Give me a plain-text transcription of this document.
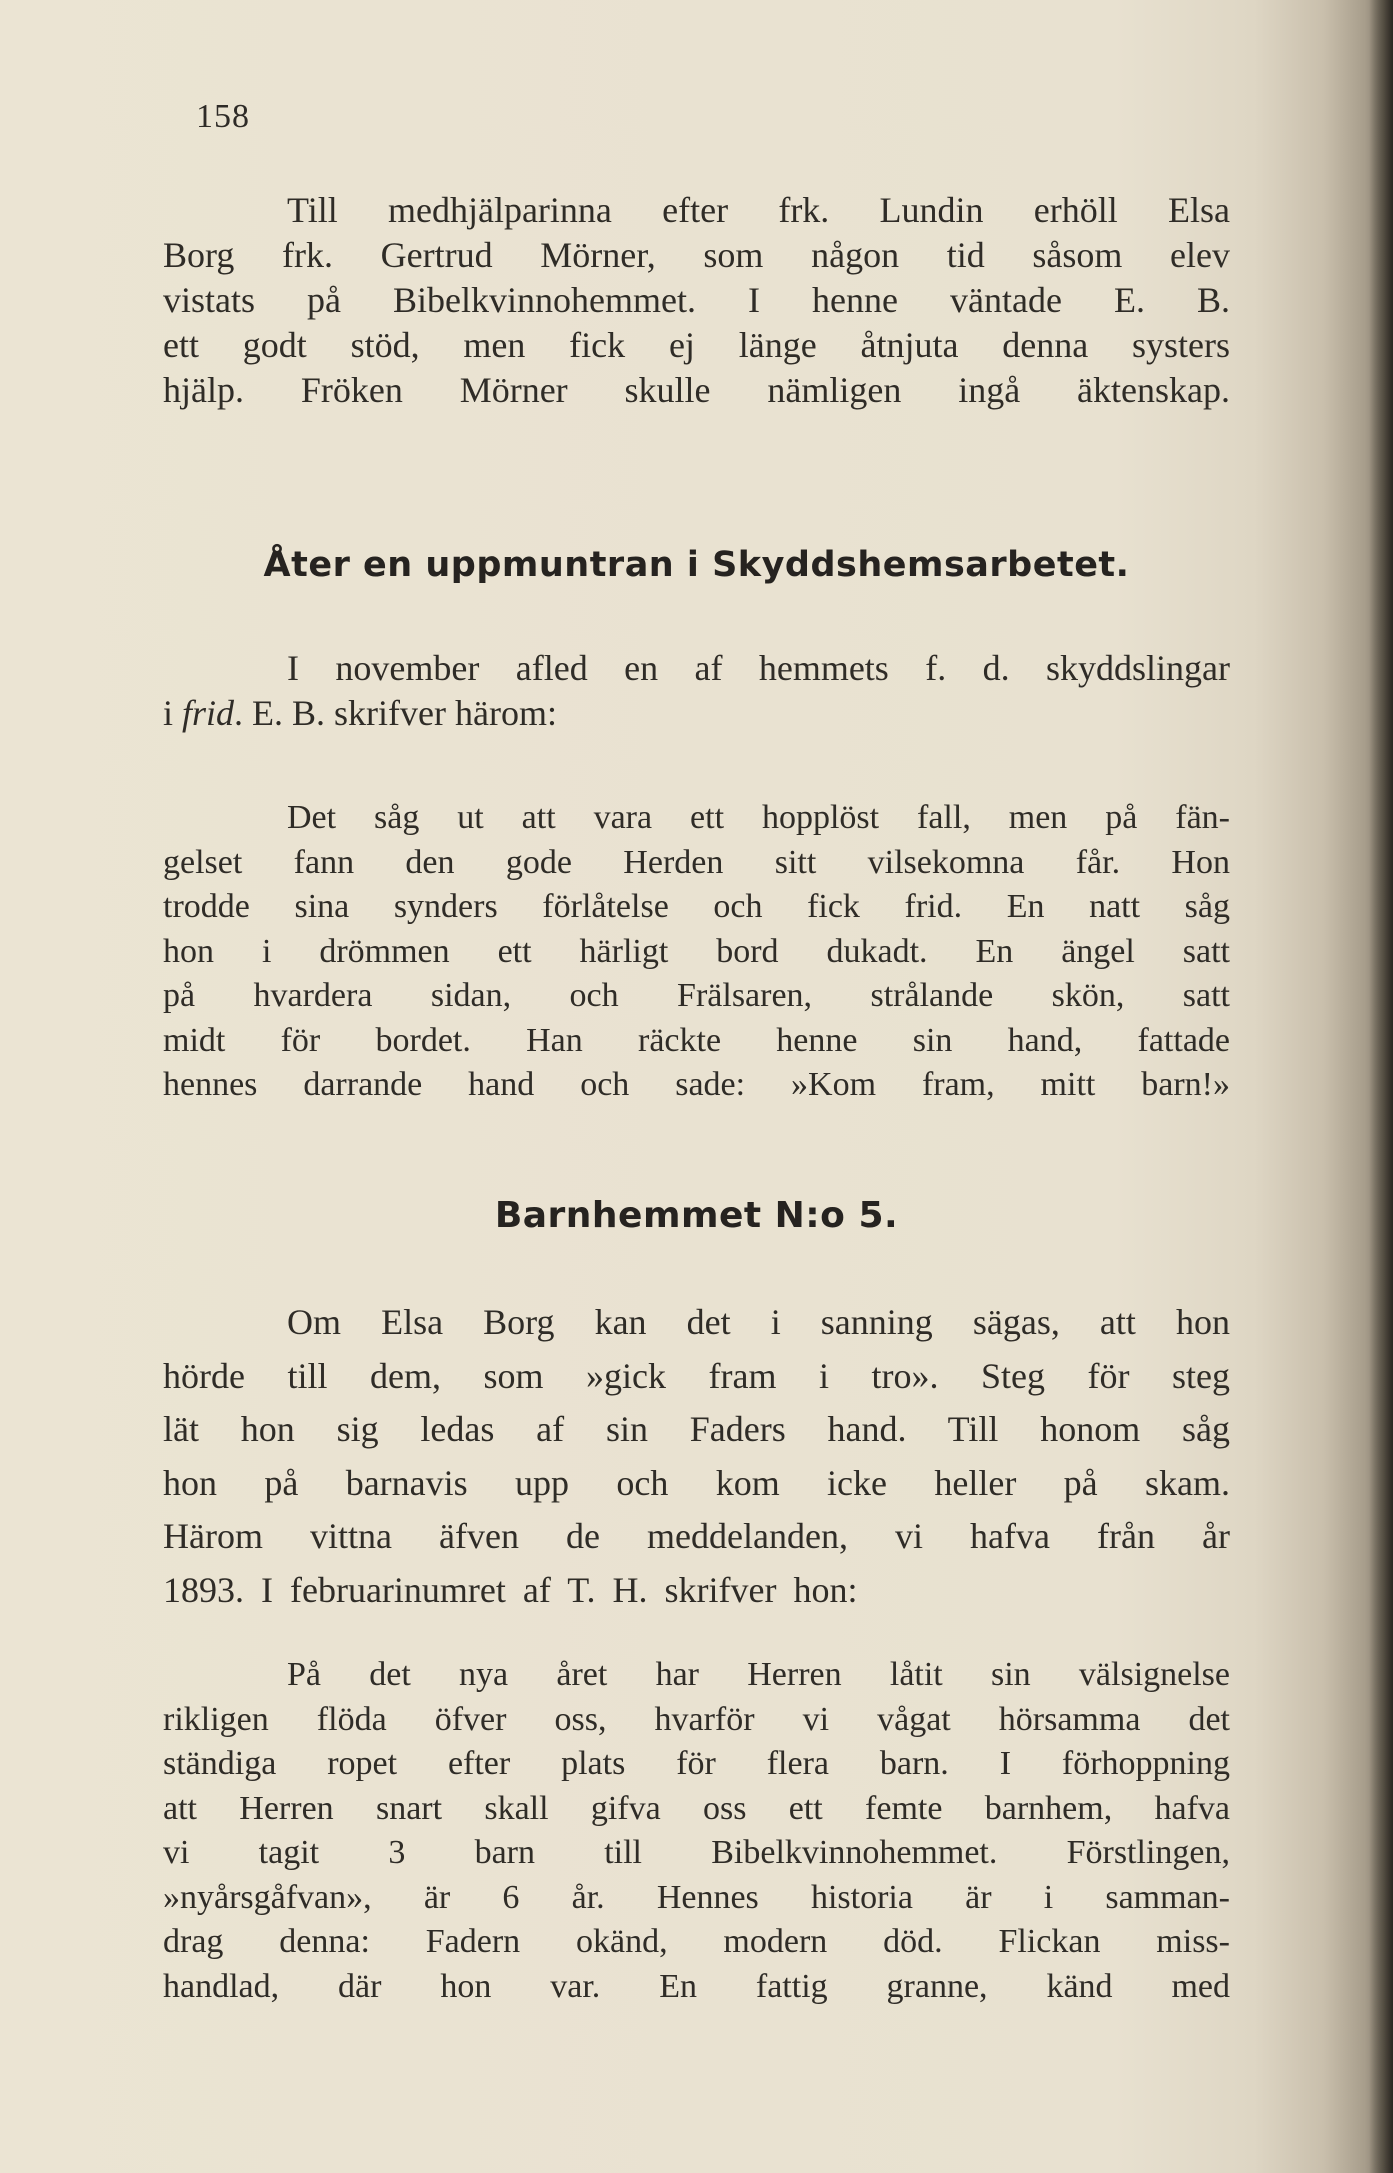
158
Till medhjälparinna efter frk. Lundin erhöll Elsa
Borg frk. Gertrud Mörner, som någon tid såsom elev
vistats på Bibelkvinnohemmet. I henne väntade E. B.
ett godt stöd, men fick ej länge åtnjuta denna systers
hjälp. Fröken Mörner skulle nämligen ingå äktenskap.
Åter en uppmuntran i Skyddshemsarbetet.
I november afled en af hemmets f. d. skyddslingar
i frid. E. B. skrifver härom:
Det såg ut att vara ett hopplöst fall, men på fän-
gelset fann den gode Herden sitt vilsekomna får. Hon
trodde sina synders förlåtelse och fick frid. En natt såg
hon i drömmen ett härligt bord dukadt. En ängel satt
på hvardera sidan, och Frälsaren, strålande skön, satt
midt för bordet. Han räckte henne sin hand, fattade
hennes darrande hand och sade: »Kom fram, mitt barn!»
Barnhemmet N:o 5.
Om Elsa Borg kan det i sanning sägas, att hon
hörde till dem, som »gick fram i tro». Steg för steg
lät hon sig ledas af sin Faders hand. Till honom såg
hon på barnavis upp och kom icke heller på skam.
Härom vittna äfven de meddelanden, vi hafva från år
1893. I februarinumret af T. H. skrifver hon:
På det nya året har Herren låtit sin välsignelse
rikligen flöda öfver oss, hvarför vi vågat hörsamma det
ständiga ropet efter plats för flera barn. I förhoppning
att Herren snart skall gifva oss ett femte barnhem, hafva
vi tagit 3 barn till Bibelkvinnohemmet. Förstlingen,
»nyårsgåfvan», är 6 år. Hennes historia är i samman-
drag denna: Fadern okänd, modern död. Flickan miss-
handlad, där hon var. En fattig granne, känd med
